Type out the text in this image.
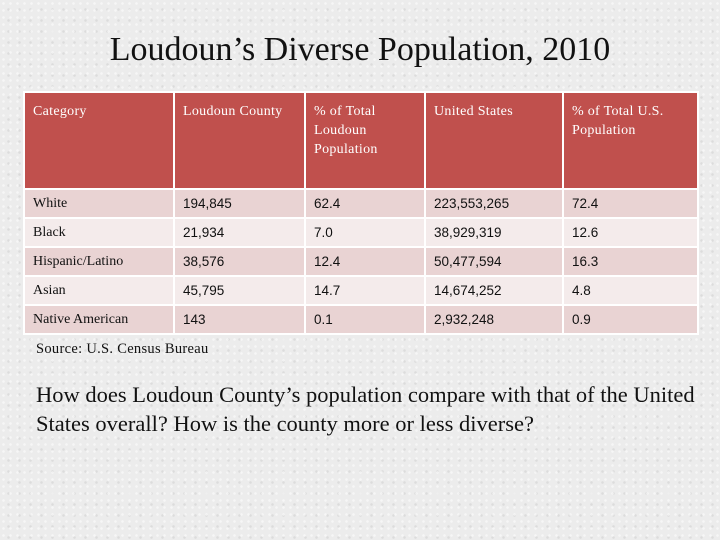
Loudoun’s Diverse Population, 2010
Category	Loudoun County	% of Total Loudoun Population	United States	% of Total U.S. Population
White	194,845	62.4	223,553,265	72.4
Black	21,934	7.0	38,929,319	12.6
Hispanic/Latino	38,576	12.4	50,477,594	16.3
Asian	45,795	14.7	14,674,252	4.8
Native American	143	0.1	2,932,248	0.9
Source: U.S. Census Bureau
How does Loudoun County’s population compare with that of the United States overall? How is the county more or less diverse?
